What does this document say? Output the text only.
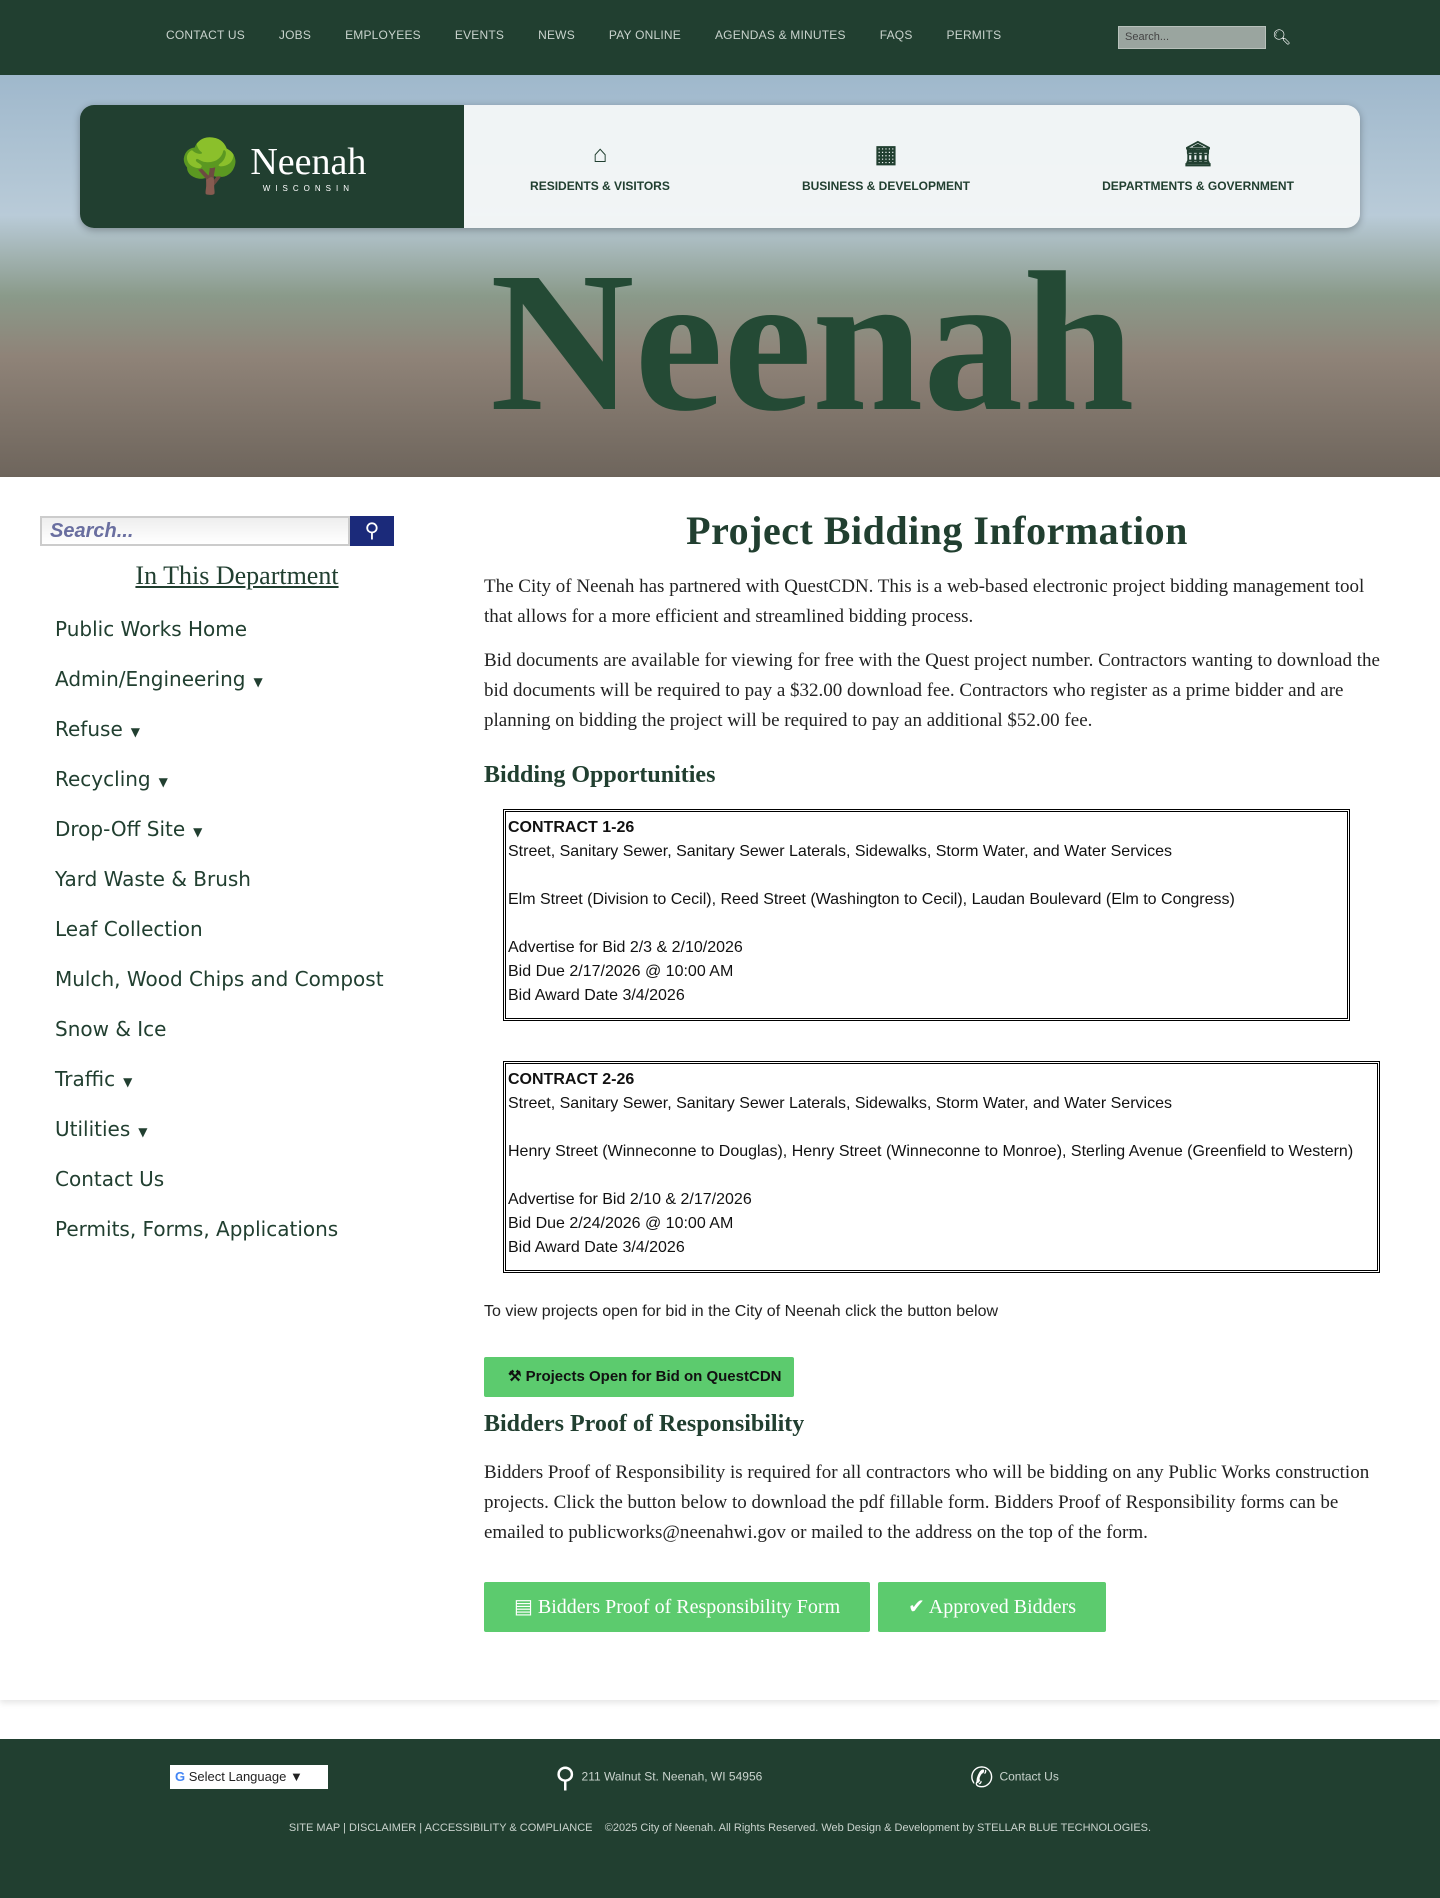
CONTACT US	JOBS	EMPLOYEES	EVENTS	NEWS	PAY ONLINE	AGENDAS & MINUTES	FAQS	PERMITS	Search...	🔍︎
Neenah
🌳 Neenah
WISCONSIN
⌂
RESIDENTS & VISITORS
▦
BUSINESS & DEVELOPMENT
🏛︎
DEPARTMENTS & GOVERNMENT
Search...	⚲
In This Department
Public Works Home
Admin/Engineering ▼
Refuse ▼
Recycling ▼
Drop-Off Site ▼
Yard Waste & Brush
Leaf Collection
Mulch, Wood Chips and Compost
Snow & Ice
Traffic ▼
Utilities ▼
Contact Us
Permits, Forms, Applications
Project Bidding Information

The City of Neenah has partnered with QuestCDN. This is a web-based electronic project bidding management tool that allows for a more efficient and streamlined bidding process.

Bid documents are available for viewing for free with the Quest project number. Contractors wanting to download the bid documents will be required to pay a $32.00 download fee. Contractors who register as a prime bidder and are planning on bidding the project will be required to pay an additional $52.00 fee.

Bidding Opportunities
CONTRACT 1-26
Street, Sanitary Sewer, Sanitary Sewer Laterals, Sidewalks, Storm Water, and Water Services
Elm Street (Division to Cecil), Reed Street (Washington to Cecil), Laudan Boulevard (Elm to Congress)
Advertise for Bid 2/3 & 2/10/2026
Bid Due 2/17/2026 @ 10:00 AM
Bid Award Date 3/4/2026
CONTRACT 2-26
Street, Sanitary Sewer, Sanitary Sewer Laterals, Sidewalks, Storm Water, and Water Services
Henry Street (Winneconne to Douglas), Henry Street (Winneconne to Monroe), Sterling Avenue (Greenfield to Western)
Advertise for Bid 2/10 & 2/17/2026
Bid Due 2/24/2026 @ 10:00 AM
Bid Award Date 3/4/2026

To view projects open for bid in the City of Neenah click the button below

⚒ Projects Open for Bid on QuestCDN
Bidders Proof of Responsibility

Bidders Proof of Responsibility is required for all contractors who will be bidding on any Public Works construction projects. Click the button below to download the pdf fillable form. Bidders Proof of Responsibility forms can be emailed to publicworks@neenahwi.gov or mailed to the address on the top of the form.

▤ Bidders Proof of Responsibility Form	✔ Approved Bidders
G Select Language ▼	⚲ 211 Walnut St. Neenah, WI 54956	✆ Contact Us
SITE MAP | DISCLAIMER | ACCESSIBILITY & COMPLIANCE    ©2025 City of Neenah. All Rights Reserved. Web Design & Development by STELLAR BLUE TECHNOLOGIES.
